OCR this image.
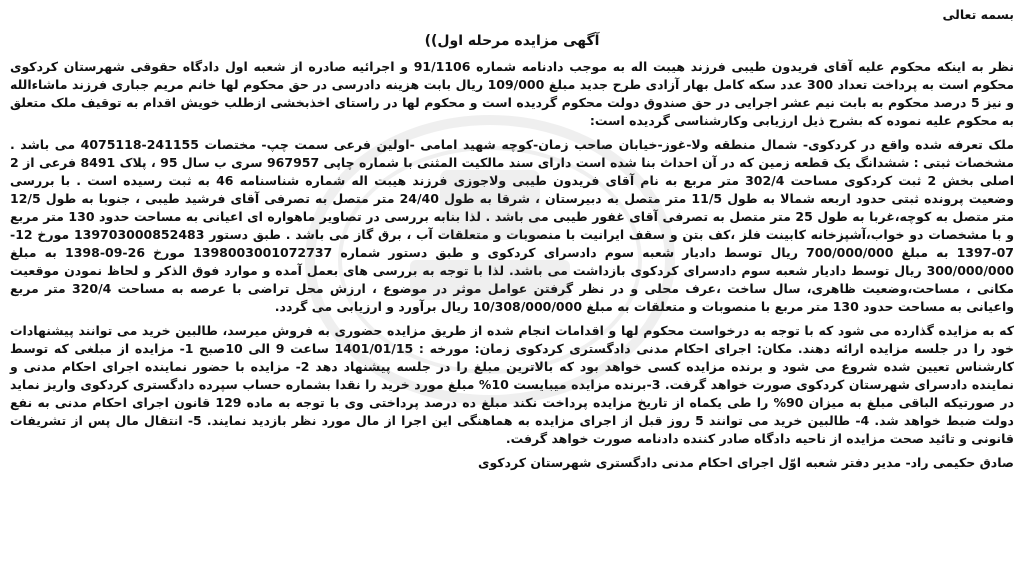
بسمه تعالی
آگهی مزایده مرحله اول))

نظر به اینکه محکوم علیه آقای فریدون طیبی فرزند هیبت اله به موجب دادنامه شماره 91/1106 و اجرائیه صادره از شعبه اول دادگاه حقوقی شهرستان کردکوی محکوم است به پرداخت تعداد 300 عدد سکه کامل بهار آزادی طرح جدید مبلغ 109/000 ریال بابت هزینه دادرسی در حق محکوم لها خانم مریم جباری فرزند ماشاءالله و نیز 5 درصد محکوم به بابت نیم عشر اجرایی در حق صندوق دولت محکوم گردیده است و محکوم لها در راستای اخذبخشی ازطلب خویش اقدام به توقیف ملک متعلق به محکوم علیه نموده که بشرح ذیل ارزیابی وکارشناسی گردیده است:

ملک تعرفه شده واقع در کردکوی- شمال منطقه ولا-غوز-خیابان صاحب زمان-کوچه شهید امامی -اولین فرعی سمت چپ- مختصات 241155-4075118 می باشد . مشخصات ثبتی : ششدانگ یک قطعه زمین که در آن احداث بنا شده است دارای سند مالکیت المثنی با شماره چاپی 967957 سری ب سال 95 ، پلاک 8491 فرعی از 2 اصلی بخش 2 ثبت کردکوی مساحت 302/4 متر مربع به نام آقای فریدون طیبی ولاجوزی فرزند هیبت اله شماره شناسنامه 46 به ثبت رسیده است . با بررسی وضعیت پرونده ثبتی حدود اربعه شمالا به طول 11/5 متر متصل به دبیرستان ، شرقا به طول 24/40 متر متصل به تصرفی آقای فرشید طیبی ، جنوبا به طول 12/5 متر متصل به کوچه،غربا به طول 25 متر متصل به تصرفی آقای غفور طیبی می باشد . لذا بنابه بررسی در تصاویر ماهواره ای اعیانی به مساحت حدود 130 متر مربع و با مشخصات دو خواب،آشپزخانه کابینت فلز ،کف بتن و سقف ایرانیت با منصوبات و متعلقات آب ، برق گاز می باشد . طبق دستور 139703000852483 مورخ 12-07-1397 به مبلغ 700/000/000 ریال توسط دادیار شعبه سوم دادسرای کردکوی و طبق دستور شماره 1398003001072737 مورخ 26-09-1398 به مبلغ 300/000/000 ریال توسط دادیار شعبه سوم دادسرای کردکوی بازداشت می باشد. لذا با توجه به بررسی های بعمل آمده و موارد فوق الذکر و لحاظ نمودن موقعیت مکانی ، مساحت،وضعیت ظاهری، سال ساخت ،عرف محلی و در نظر گرفتن عوامل موثر در موضوع ، ارزش محل تراضی با عرصه به مساحت 320/4 متر مربع واعیانی به مساحت حدود 130 متر مربع با منصوبات و متعلقات به مبلغ 10/308/000/000 ریال برآورد و ارزیابی می گردد.

که به مزایده گذارده می شود که با توجه به درخواست محکوم لها و اقدامات انجام شده از طریق مزایده حضوری به فروش میرسد، طالبین خرید می توانند پیشنهادات خود را در جلسه مزایده ارائه دهند. مکان: اجرای احکام مدنی دادگستری کردکوی زمان: مورخه : 1401/01/15 ساعت 9 الی 10صبح 1- مزایده از مبلغی که توسط کارشناس تعیین شده شروع می شود و برنده مزایده کسی خواهد بود که بالاترین مبلغ را در جلسه پیشنهاد دهد 2- مزایده با حضور نماینده اجرای احکام مدنی و نماینده دادسرای شهرستان کردکوی صورت خواهد گرفت. 3-برنده مزایده میبایست 10% مبلغ مورد خرید را نقدا بشماره حساب سپرده دادگستری کردکوی واریز نماید در صورتیکه الباقی مبلغ به میزان 90% را طی یکماه از تاریخ مزایده پرداخت نکند مبلغ ده درصد پرداختی وی با توجه به ماده 129 قانون اجرای احکام مدنی به نفع دولت ضبط خواهد شد. 4- طالبین خرید می توانند 5 روز قبل از اجرای مزایده به هماهنگی این اجرا از مال مورد نظر بازدید نمایند. 5- انتقال مال پس از تشریفات قانونی و تائید صحت مزایده از ناحیه دادگاه صادر کننده دادنامه صورت خواهد گرفت.

صادق حکیمی راد- مدیر دفتر شعبه اوّل اجرای احکام مدنی دادگستری شهرستان کردکوی
